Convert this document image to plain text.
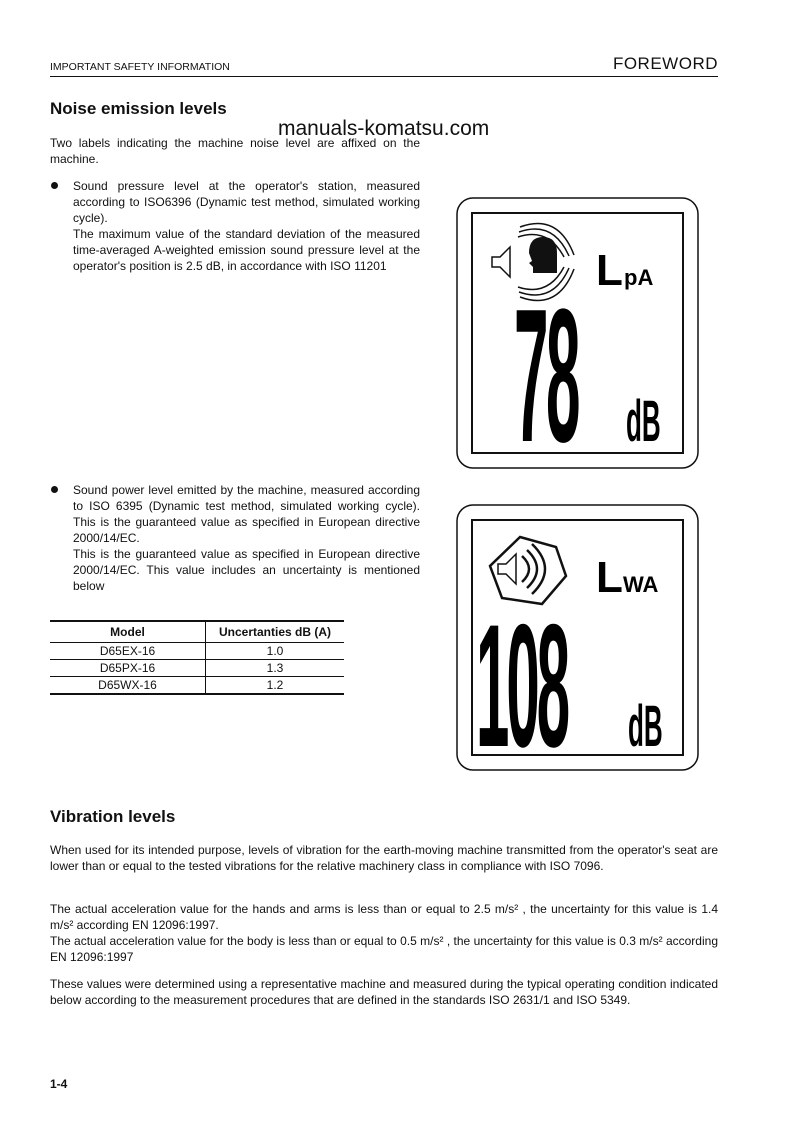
IMPORTANT SAFETY INFORMATION	FOREWORD
Noise emission levels
Two labels indicating the machine noise level are affixed on the machine.
manuals-komatsu.com
Sound pressure level at the operator's station, measured according to ISO6396 (Dynamic test method, simulated working cycle).
The maximum value of the standard deviation of the measured time-averaged A-weighted emission sound pressure level at the operator's position is 2.5 dB, in accordance with ISO 11201
Sound power level emitted by the machine, measured according to ISO 6395 (Dynamic test method, simulated working cycle). This is the guaranteed value as specified in European directive 2000/14/EC.
This is the guaranteed value as specified in European directive 2000/14/EC. This value includes an uncertainty is mentioned below
Model	Uncertanties dB (A)
D65EX-16	1.0
D65PX-16	1.3
D65WX-16	1.2
L pA
78 dB
L WA
108 dB
Vibration levels
When used for its intended purpose, levels of vibration for the earth-moving machine transmitted from the operator's seat are lower than or equal to the tested vibrations for the relative machinery class in compliance with ISO 7096.
The actual acceleration value for the hands and arms is less than or equal to 2.5 m/s² , the uncertainty for this value is 1.4 m/s² according EN 12096:1997.
The actual acceleration value for the body is less than or equal to 0.5 m/s² , the uncertainty for this value is 0.3 m/s² according EN 12096:1997
These values were determined using a representative machine and measured during the typical operating condition indicated below according to the measurement procedures that are defined in the standards ISO 2631/1 and ISO 5349.
1-4
